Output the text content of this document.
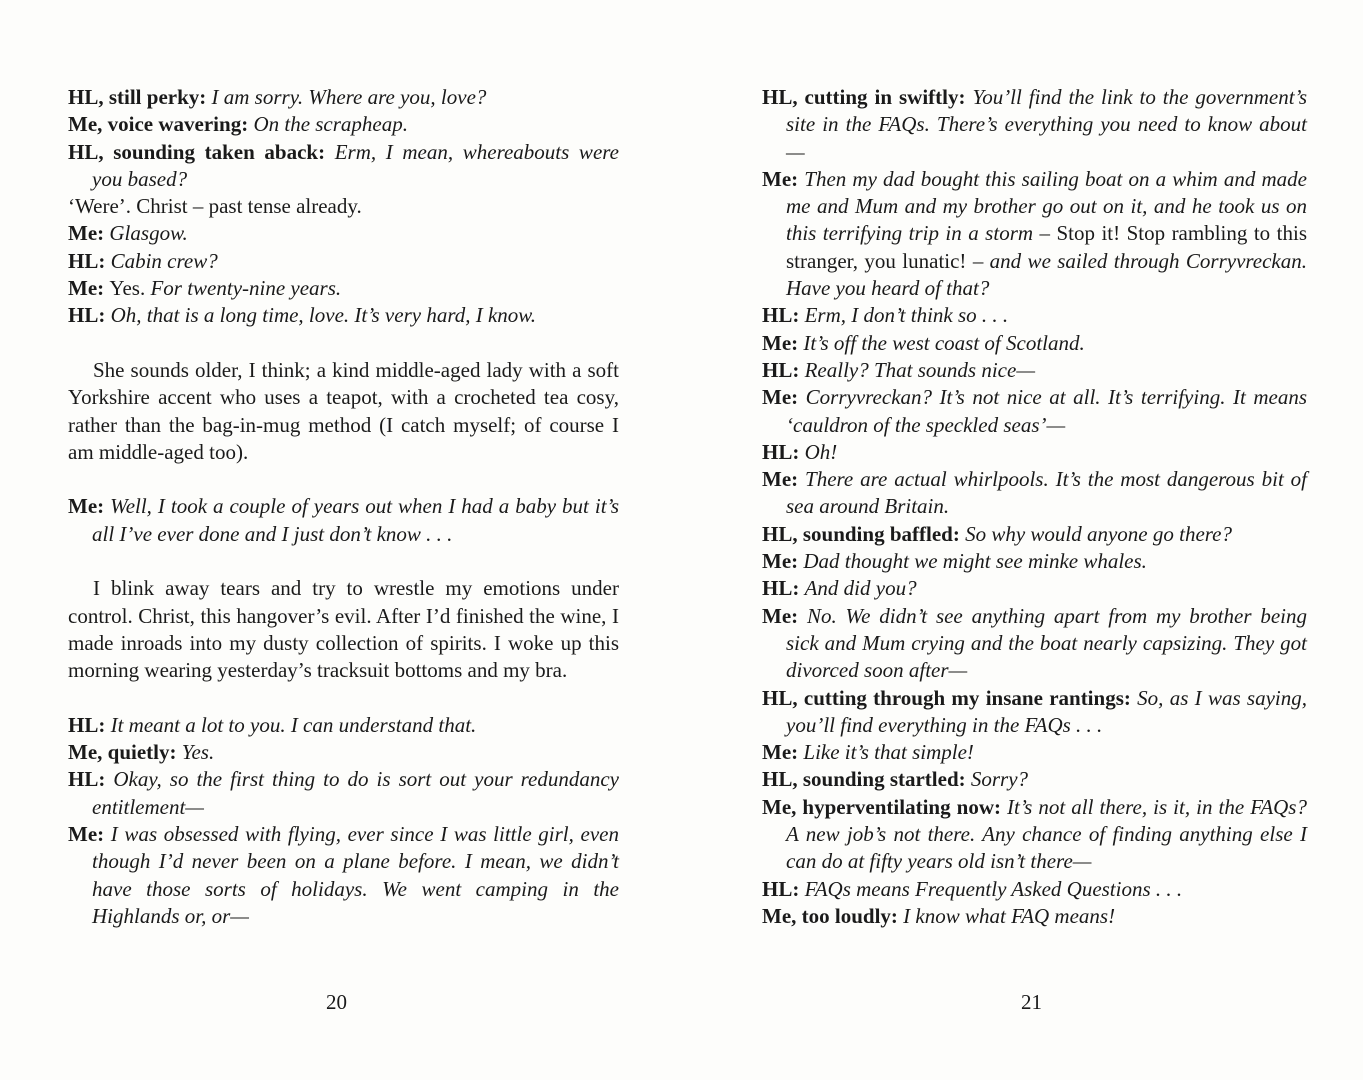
HL, still perky: I am sorry. Where are you, love?

Me, voice wavering: On the scrapheap.

HL, sounding taken aback: Erm, I mean, whereabouts were you based?

‘Were’. Christ – past tense already.

Me: Glasgow.

HL: Cabin crew?

Me: Yes. For twenty-nine years.

HL: Oh, that is a long time, love. It’s very hard, I know.

She sounds older, I think; a kind middle-aged lady with a soft Yorkshire accent who uses a teapot, with a crocheted tea cosy, rather than the bag-in-mug method (I catch myself; of course I am middle-aged too).

Me: Well, I took a couple of years out when I had a baby but it’s all I’ve ever done and I just don’t know . . .

I blink away tears and try to wrestle my emotions under control. Christ, this hangover’s evil. After I’d finished the wine, I made inroads into my dusty collection of spirits. I woke up this morning wearing yesterday’s tracksuit bottoms and my bra.

HL: It meant a lot to you. I can understand that.

Me, quietly: Yes.

HL: Okay, so the first thing to do is sort out your redundancy entitlement—

Me: I was obsessed with flying, ever since I was little girl, even though I’d never been on a plane before. I mean, we didn’t have those sorts of holidays. We went camping in the Highlands or, or—

HL, cutting in swiftly: You’ll find the link to the government’s site in the FAQs. There’s everything you need to know about—

Me: Then my dad bought this sailing boat on a whim and made me and Mum and my brother go out on it, and he took us on this terrifying trip in a storm – Stop it! Stop rambling to this stranger, you lunatic! – and we sailed through Corryvreckan. Have you heard of that?

HL: Erm, I don’t think so . . .

Me: It’s off the west coast of Scotland.

HL: Really? That sounds nice—

Me: Corryvreckan? It’s not nice at all. It’s terrifying. It means ‘cauldron of the speckled seas’—

HL: Oh!

Me: There are actual whirlpools. It’s the most dangerous bit of sea around Britain.

HL, sounding baffled: So why would anyone go there?

Me: Dad thought we might see minke whales.

HL: And did you?

Me: No. We didn’t see anything apart from my brother being sick and Mum crying and the boat nearly capsizing. They got divorced soon after—

HL, cutting through my insane rantings: So, as I was saying, you’ll find everything in the FAQs . . .

Me: Like it’s that simple!

HL, sounding startled: Sorry?

Me, hyperventilating now: It’s not all there, is it, in the FAQs? A new job’s not there. Any chance of finding anything else I can do at fifty years old isn’t there—

HL: FAQs means Frequently Asked Questions . . .

Me, too loudly: I know what FAQ means!

20	21
